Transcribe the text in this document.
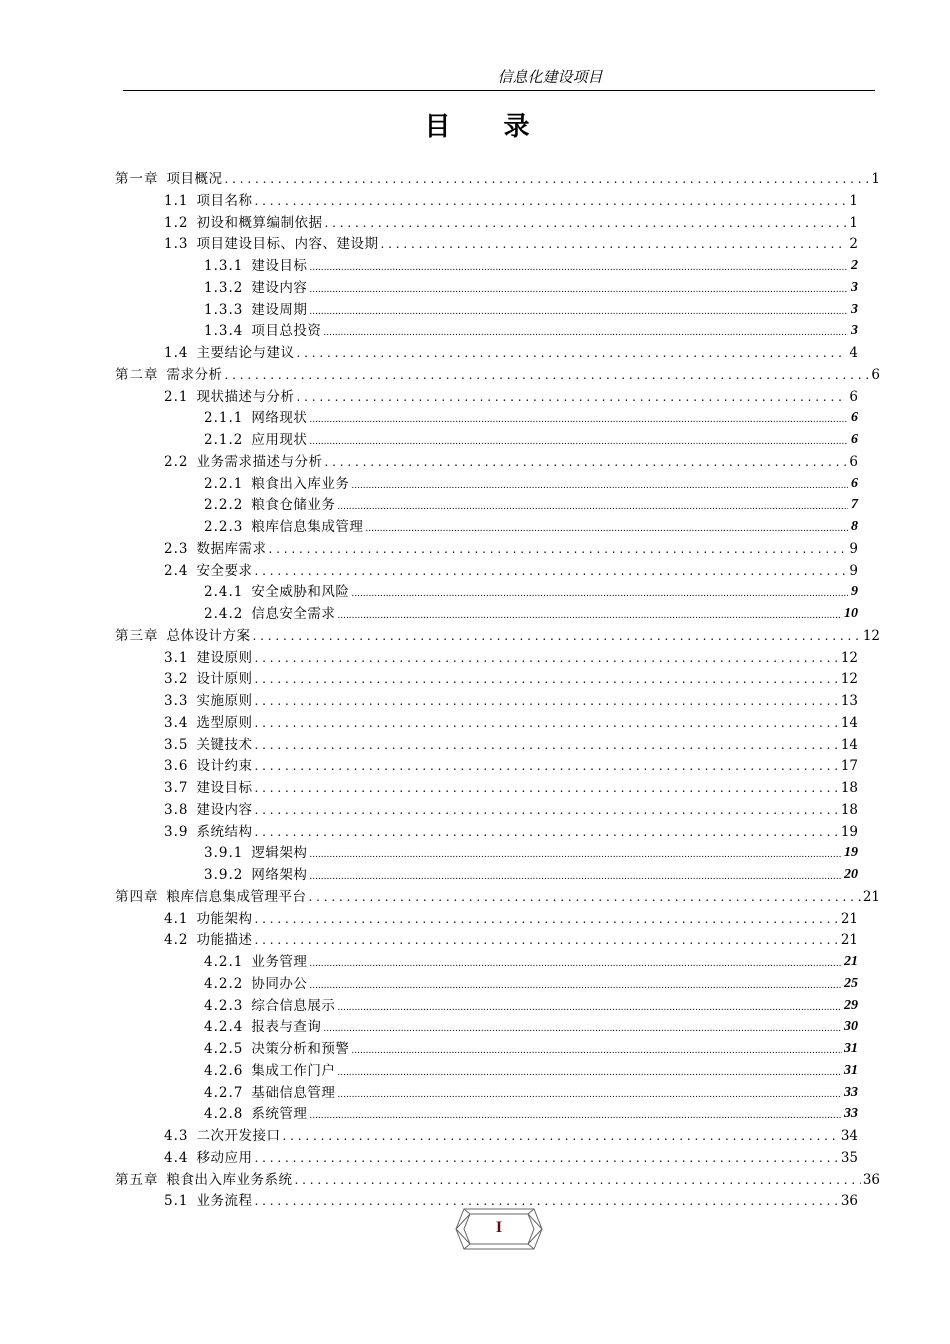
信息化建设项目
目 录
第一章 项目概况 . . .	1
1.1 项目名称 . . .	1
1.2 初设和概算编制依据 . . .	1
1.3 项目建设目标、内容、建设期 . . .	2
1.3.1 建设目标 .....	2
1.3.2 建设内容 .....	3
1.3.3 建设周期 .....	3
1.3.4 项目总投资 .....	3
1.4 主要结论与建议 . . .	4
第二章 需求分析 . . .	6
2.1 现状描述与分析 . . .	6
2.1.1 网络现状 .....	6
2.1.2 应用现状 .....	6
2.2 业务需求描述与分析 . . .	6
2.2.1 粮食出入库业务 .....	6
2.2.2 粮食仓储业务 .....	7
2.2.3 粮库信息集成管理 .....	8
2.3 数据库需求 . . .	9
2.4 安全要求 . . .	9
2.4.1 安全威胁和风险 .....	9
2.4.2 信息安全需求 .....	10
第三章 总体设计方案 . . .	12
3.1 建设原则 . . .	12
3.2 设计原则 . . .	12
3.3 实施原则 . . .	13
3.4 选型原则 . . .	14
3.5 关键技术 . . .	14
3.6 设计约束 . . .	17
3.7 建设目标 . . .	18
3.8 建设内容 . . .	18
3.9 系统结构 . . .	19
3.9.1 逻辑架构 .....	19
3.9.2 网络架构 .....	20
第四章 粮库信息集成管理平台 . . .	21
4.1 功能架构 . . .	21
4.2 功能描述 . . .	21
4.2.1 业务管理 .....	21
4.2.2 协同办公 .....	25
4.2.3 综合信息展示 .....	29
4.2.4 报表与查询 .....	30
4.2.5 决策分析和预警 .....	31
4.2.6 集成工作门户 .....	31
4.2.7 基础信息管理 .....	33
4.2.8 系统管理 .....	33
4.3 二次开发接口 . . .	34
4.4 移动应用 . . .	35
第五章 粮食出入库业务系统 . . .	36
5.1 业务流程 . . .	36
I
